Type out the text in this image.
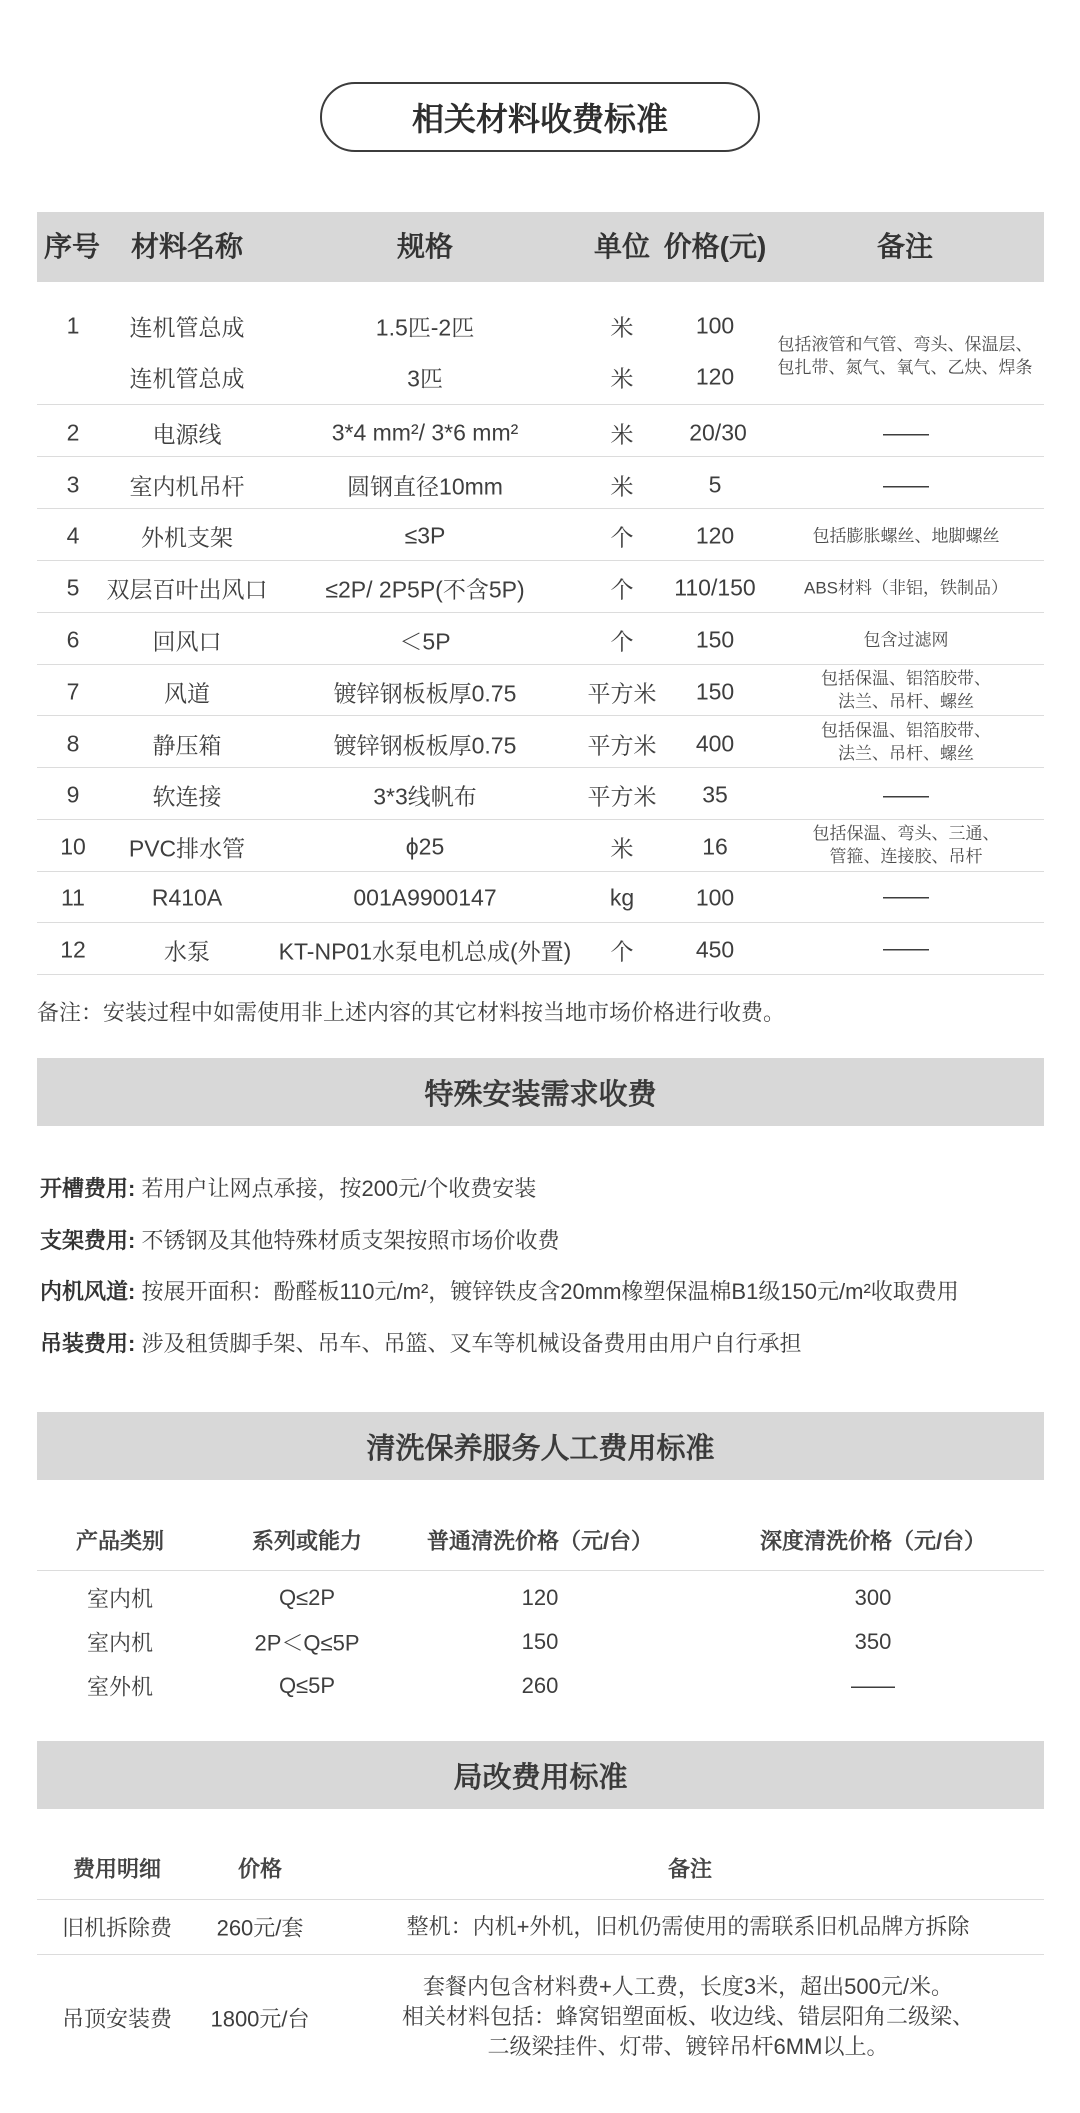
相关材料收费标准
序号 材料名称	规格	单位 价格(元)	备注
1 连机管总成	1.5匹-2匹	米	100
连机管总成	3匹	米	120
包括液管和气管、弯头、保温层、
包扎带、氮气、氧气、乙炔、焊条
2	电源线	3*4 mm²/ 3*6 mm²	米 20/30	——
3 室内机吊杆	圆钢直径10mm	米	5	——
4	外机支架	≤3P	个	120	包括膨胀螺丝、地脚螺丝
5 双层百叶出风口	≤2P/ 2P5P(不含5P)	个 110/150	ABS材料（非铝，铁制品）
6	回风口	＜5P	个	150	包含过滤网
7	风道	镀锌钢板板厚0.75	平方米 150	包括保温、铝箔胶带、
法兰、吊杆、螺丝
8	静压箱	镀锌钢板板厚0.75	平方米 400	包括保温、铝箔胶带、
法兰、吊杆、螺丝
9	软连接	3*3线帆布	平方米 35	——
10 PVC排水管	ϕ25	米	16	包括保温、弯头、三通、
管箍、连接胶、吊杆
11	R410A	001A9900147	kg	100	——
12	水泵	KT-NP01水泵电机总成(外置) 个	450	——
备注：安装过程中如需使用非上述内容的其它材料按当地市场价格进行收费。
特殊安装需求收费
开槽费用: 若用户让网点承接，按200元/个收费安装
支架费用: 不锈钢及其他特殊材质支架按照市场价收费
内机风道: 按展开面积：酚醛板110元/m²，镀锌铁皮含20mm橡塑保温棉B1级150元/m²收取费用
吊装费用: 涉及租赁脚手架、吊车、吊篮、叉车等机械设备费用由用户自行承担
清洗保养服务人工费用标准
产品类别	系列或能力	普通清洗价格（元/台）	深度清洗价格（元/台）
室内机	Q≤2P	120	300
室内机	2P＜Q≤5P	150	350
室外机	Q≤5P	260	——
局改费用标准
费用明细	价格	备注
旧机拆除费 260元/套	整机：内机+外机，旧机仍需使用的需联系旧机品牌方拆除
吊顶安装费 1800元/台
套餐内包含材料费+人工费，长度3米，超出500元/米。
相关材料包括：蜂窝铝塑面板、收边线、错层阳角二级梁、
二级梁挂件、灯带、镀锌吊杆6MM以上。
